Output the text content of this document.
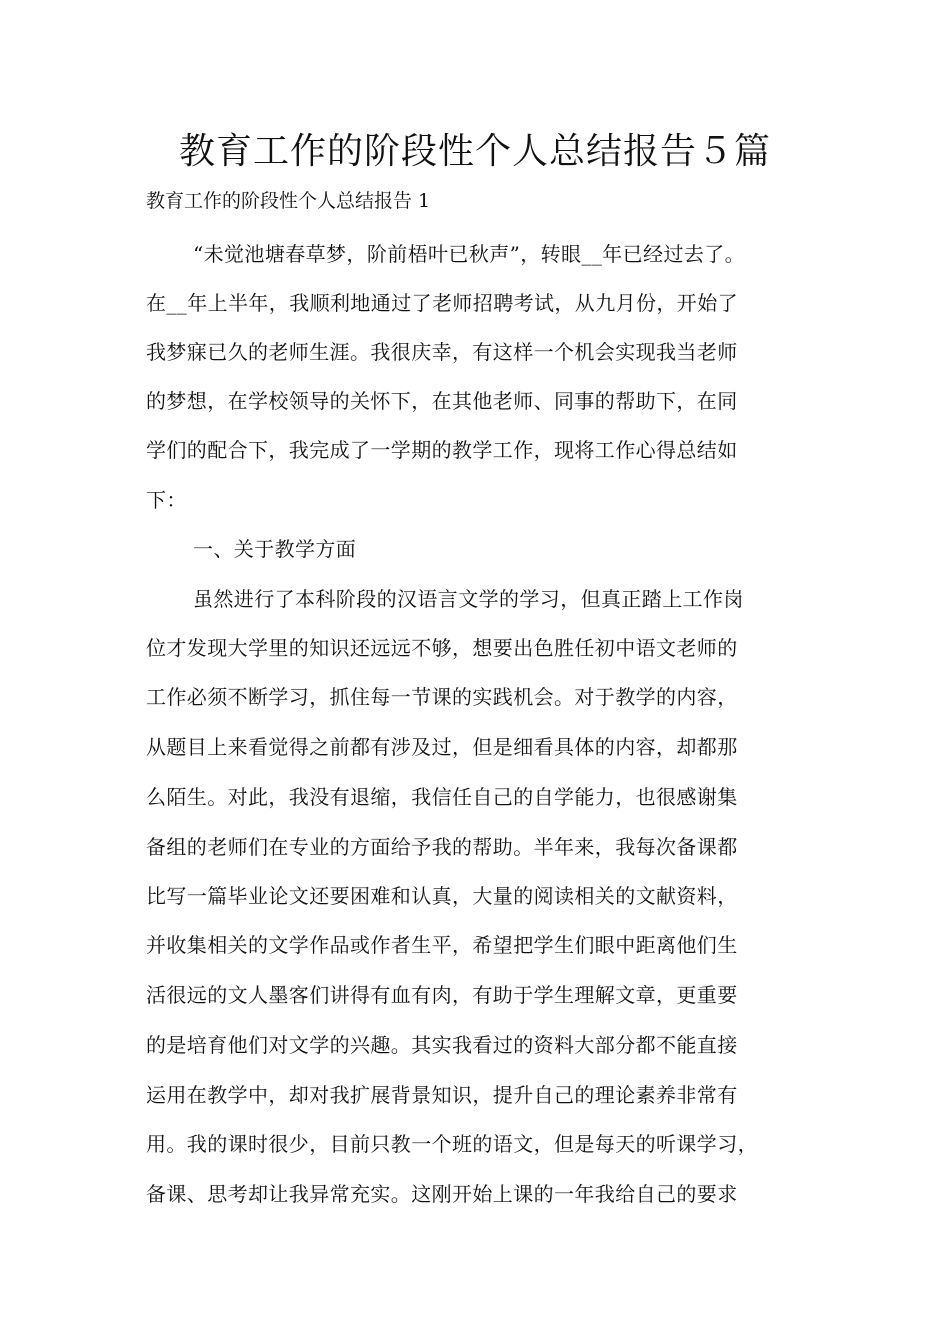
教育工作的阶段性个人总结报告５篇
教育工作的阶段性个人总结报告 1
“未觉池塘春草梦，阶前梧叶已秋声”，转眼__年已经过去了。
在__年上半年，我顺利地通过了老师招聘考试，从九月份，开始了
我梦寐已久的老师生涯。我很庆幸，有这样一个机会实现我当老师
的梦想，在学校领导的关怀下，在其他老师、同事的帮助下，在同
学们的配合下，我完成了一学期的教学工作，现将工作心得总结如
下：
一、关于教学方面
虽然进行了本科阶段的汉语言文学的学习，但真正踏上工作岗
位才发现大学里的知识还远远不够，想要出色胜任初中语文老师的
工作必须不断学习，抓住每一节课的实践机会。对于教学的内容，
从题目上来看觉得之前都有涉及过，但是细看具体的内容，却都那
么陌生。对此，我没有退缩，我信任自己的自学能力，也很感谢集
备组的老师们在专业的方面给予我的帮助。半年来，我每次备课都
比写一篇毕业论文还要困难和认真，大量的阅读相关的文献资料，
并收集相关的文学作品或作者生平，希望把学生们眼中距离他们生
活很远的文人墨客们讲得有血有肉，有助于学生理解文章，更重要
的是培育他们对文学的兴趣。其实我看过的资料大部分都不能直接
运用在教学中，却对我扩展背景知识，提升自己的理论素养非常有
用。我的课时很少，目前只教一个班的语文，但是每天的听课学习，
备课、思考却让我异常充实。这刚开始上课的一年我给自己的要求
